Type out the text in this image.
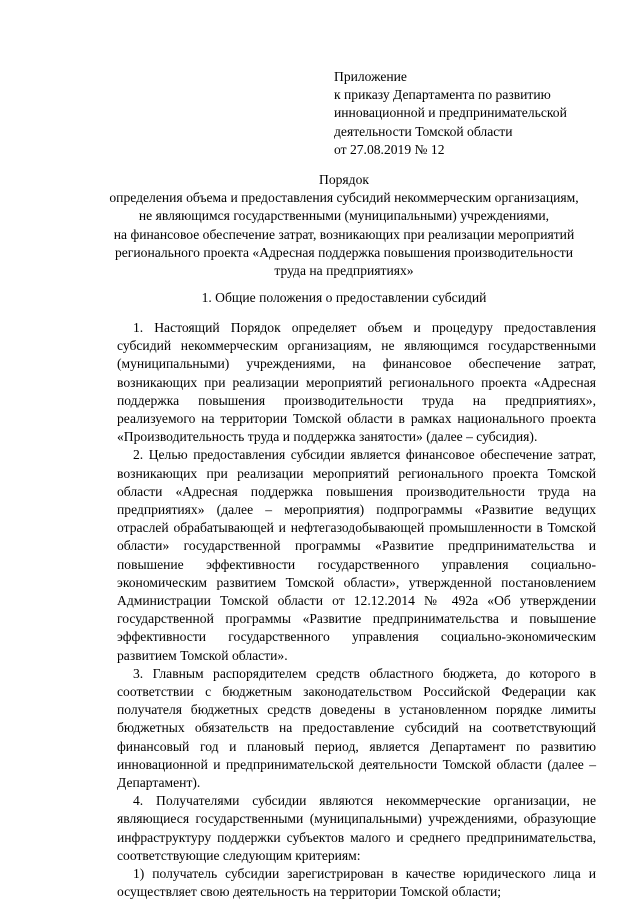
Приложение
к приказу Департамента по развитию
инновационной и предпринимательской
деятельности Томской области
от 27.08.2019 № 12
Порядок
определения объема и предоставления субсидий некоммерческим организациям,
не являющимся государственными (муниципальными) учреждениями,
на финансовое обеспечение затрат, возникающих при реализации мероприятий
регионального проекта «Адресная поддержка повышения производительности
труда на предприятиях»
1. Общие положения о предоставлении субсидий

1. Настоящий Порядок определяет объем и процедуру предоставления субсидий некоммерческим организациям, не являющимся государственными (муниципальными) учреждениями, на финансовое обеспечение затрат, возникающих при реализации мероприятий регионального проекта «Адресная поддержка повышения производительности труда на предприятиях», реализуемого на территории Томской области в рамках национального проекта «Производительность труда и поддержка занятости» (далее – субсидия).

2. Целью предоставления субсидии является финансовое обеспечение затрат, возникающих при реализации мероприятий регионального проекта Томской области «Адресная поддержка повышения производительности труда на предприятиях» (далее – мероприятия) подпрограммы «Развитие ведущих отраслей обрабатывающей и нефтегазодобывающей промышленности в Томской области» государственной программы «Развитие предпринимательства и повышение эффективности государственного управления социально-экономическим развитием Томской области», утвержденной постановлением Администрации Томской области от 12.12.2014 № 492а «Об утверждении государственной программы «Развитие предпринимательства и повышение эффективности государственного управления социально-экономическим развитием Томской области».

3. Главным распорядителем средств областного бюджета, до которого в соответствии с бюджетным законодательством Российской Федерации как получателя бюджетных средств доведены в установленном порядке лимиты бюджетных обязательств на предоставление субсидий на соответствующий финансовый год и плановый период, является Департамент по развитию инновационной и предпринимательской деятельности Томской области (далее – Департамент).

4. Получателями субсидии являются некоммерческие организации, не являющиеся государственными (муниципальными) учреждениями, образующие инфраструктуру поддержки субъектов малого и среднего предпринимательства, соответствующие следующим критериям:

1) получатель субсидии зарегистрирован в качестве юридического лица и осуществляет свою деятельность на территории Томской области;
